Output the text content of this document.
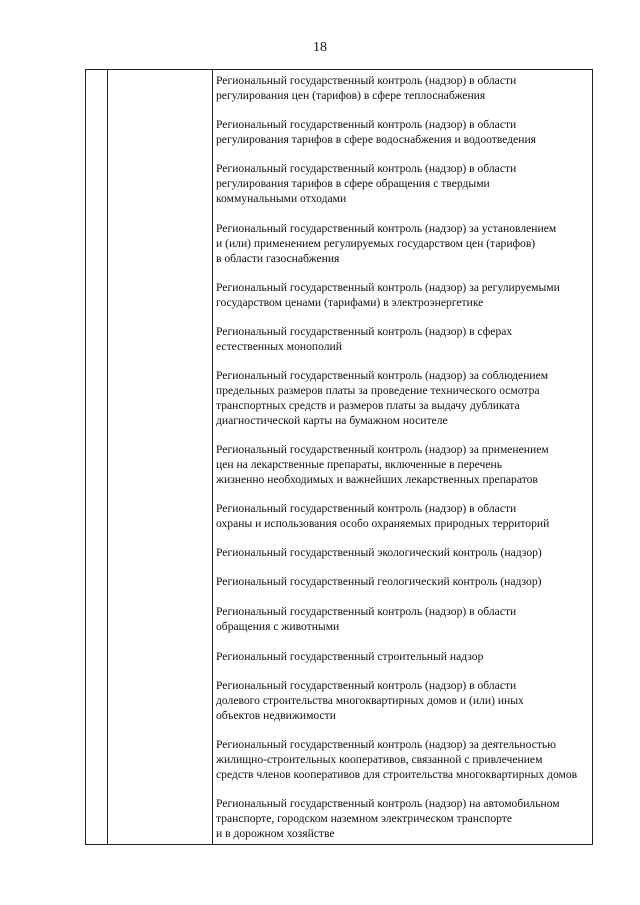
18
Региональный государственный контроль (надзор) в области
регулирования цен (тарифов) в сфере теплоснабжения
Региональный государственный контроль (надзор) в области
регулирования тарифов в сфере водоснабжения и водоотведения
Региональный государственный контроль (надзор) в области
регулирования тарифов в сфере обращения с твердыми
коммунальными отходами
Региональный государственный контроль (надзор) за установлением
и (или) применением регулируемых государством цен (тарифов)
в области газоснабжения
Региональный государственный контроль (надзор) за регулируемыми
государством ценами (тарифами) в электроэнергетике
Региональный государственный контроль (надзор) в сферах
естественных монополий
Региональный государственный контроль (надзор) за соблюдением
предельных размеров платы за проведение технического осмотра
транспортных средств и размеров платы за выдачу дубликата
диагностической карты на бумажном носителе
Региональный государственный контроль (надзор) за применением
цен на лекарственные препараты, включенные в перечень
жизненно необходимых и важнейших лекарственных препаратов
Региональный государственный контроль (надзор) в области
охраны и использования особо охраняемых природных территорий
Региональный государственный экологический контроль (надзор)
Региональный государственный геологический контроль (надзор)
Региональный государственный контроль (надзор) в области
обращения с животными
Региональный государственный строительный надзор
Региональный государственный контроль (надзор) в области
долевого строительства многоквартирных домов и (или) иных
объектов недвижимости
Региональный государственный контроль (надзор) за деятельностью
жилищно-строительных кооперативов, связанной с привлечением
средств членов кооперативов для строительства многоквартирных домов
Региональный государственный контроль (надзор) на автомобильном
транспорте, городском наземном электрическом транспорте
и в дорожном хозяйстве
